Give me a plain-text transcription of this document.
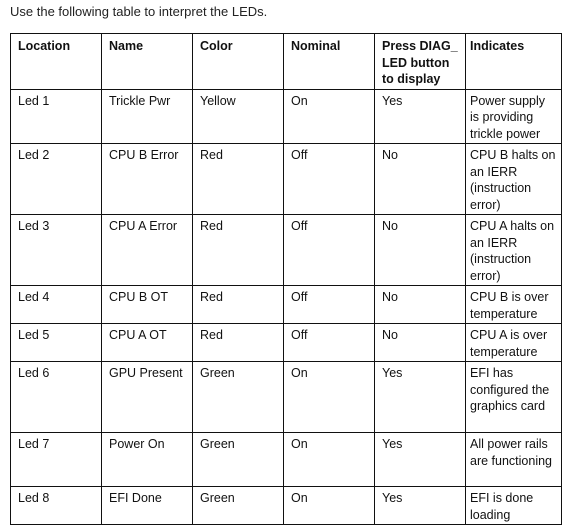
Use the following table to interpret the LEDs.
Location	Name	Color	Nominal	Press DIAG_ LED button to display	Indicates
Led 1	Trickle Pwr	Yellow	On	Yes	Power supply is providing trickle power
Led 2	CPU B Error	Red	Off	No	CPU B halts on an IERR (instruction error)
Led 3	CPU A Error	Red	Off	No	CPU A halts on an IERR (instruction error)
Led 4	CPU B OT	Red	Off	No	CPU B is over temperature
Led 5	CPU A OT	Red	Off	No	CPU A is over temperature
Led 6	GPU Present	Green	On	Yes	EFI has configured the graphics card
Led 7	Power On	Green	On	Yes	All power rails are functioning
Led 8	EFI Done	Green	On	Yes	EFI is done loading
